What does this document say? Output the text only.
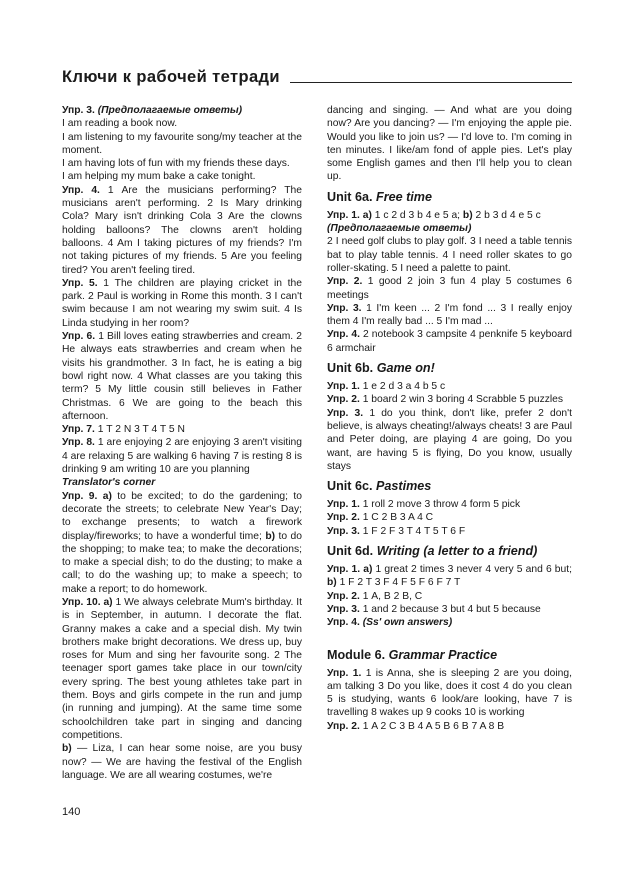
Ключи к рабочей тетради

Упр. 3. (Предполагаемые ответы)

I am reading a book now.

I am listening to my favourite song/my teacher at the moment.

I am having lots of fun with my friends these days.

I am helping my mum bake a cake tonight.

Упр. 4. 1 Are the musicians performing? The musicians aren't performing. 2 Is Mary drinking Cola? Mary isn't drinking Cola 3 Are the clowns holding balloons? The clowns aren't holding balloons. 4 Am I taking pictures of my friends? I'm not taking pictures of my friends. 5 Are you feeling tired? You aren't feeling tired.

Упр. 5. 1 The children are playing cricket in the park. 2 Paul is working in Rome this month. 3 I can't swim because I am not wearing my swim suit. 4 Is Linda studying in her room?

Упр. 6. 1 Bill loves eating strawberries and cream. 2 He always eats strawberries and cream when he visits his grandmother. 3 In fact, he is eating a big bowl right now. 4 What classes are you taking this term? 5 My little cousin still believes in Father Christmas. 6 We are going to the beach this afternoon.

Упр. 7. 1 T 2 N 3 T 4 T 5 N

Упр. 8. 1 are enjoying 2 are enjoying 3 aren't visiting 4 are relaxing 5 are walking 6 having 7 is resting 8 is drinking 9 am writing 10 are you planning

Translator's corner

Упр. 9. a) to be excited; to do the gardening; to decorate the streets; to celebrate New Year's Day; to exchange presents; to watch a firework display/fireworks; to have a wonderful time; b) to do the shopping; to make tea; to make the decorations; to make a special dish; to do the dusting; to make a call; to do the washing up; to make a speech; to make a report; to do homework.

Упр. 10. a) 1 We always celebrate Mum's birthday. It is in September, in autumn. I decorate the flat. Granny makes a cake and a special dish. My twin brothers make bright decorations. We dress up, buy roses for Mum and sing her favourite song. 2 The teenager sport games take place in our town/city every spring. The best young athletes take part in them. Boys and girls compete in the run and jump (in running and jumping). At the same time some schoolchildren take part in singing and dancing competitions.

b) — Liza, I can hear some noise, are you busy now? — We are having the festival of the English language. We are all wearing costumes, we're

dancing and singing. — And what are you doing now? Are you dancing? — I'm enjoying the apple pie. Would you like to join us? — I'd love to. I'm coming in ten minutes. I like/am fond of apple pies. Let's play some English games and then I'll help you to clean up.

Unit 6a. Free time

Упр. 1. a) 1 c 2 d 3 b 4 e 5 a; b) 2 b 3 d 4 e 5 c

(Предполагаемые ответы)

2 I need golf clubs to play golf. 3 I need a table tennis bat to play table tennis. 4 I need roller skates to go roller-skating. 5 I need a palette to paint.

Упр. 2. 1 good 2 join 3 fun 4 play 5 costumes 6 meetings

Упр. 3. 1 I'm keen ... 2 I'm fond ... 3 I really enjoy them 4 I'm really bad ... 5 I'm mad ...

Упр. 4. 2 notebook 3 campsite 4 penknife 5 keyboard 6 armchair

Unit 6b. Game on!

Упр. 1. 1 e 2 d 3 a 4 b 5 c

Упр. 2. 1 board 2 win 3 boring 4 Scrabble 5 puzzles

Упр. 3. 1 do you think, don't like, prefer 2 don't believe, is always cheating!/always cheats! 3 are Paul and Peter doing, are playing 4 are going, Do you want, are having 5 is flying, Do you know, usually stays

Unit 6c. Pastimes

Упр. 1. 1 roll 2 move 3 throw 4 form 5 pick

Упр. 2. 1 C 2 B 3 A 4 C

Упр. 3. 1 F 2 F 3 T 4 T 5 T 6 F

Unit 6d. Writing (a letter to a friend)

Упр. 1. a) 1 great 2 times 3 never 4 very 5 and 6 but; b) 1 F 2 T 3 F 4 F 5 F 6 F 7 T

Упр. 2. 1 A, B 2 B, C

Упр. 3. 1 and 2 because 3 but 4 but 5 because

Упр. 4. (Ss' own answers)

Module 6. Grammar Practice

Упр. 1. 1 is Anna, she is sleeping 2 are you doing, am talking 3 Do you like, does it cost 4 do you clean 5 is studying, wants 6 look/are looking, have 7 is travelling 8 wakes up 9 cooks 10 is working

Упр. 2. 1 A 2 C 3 B 4 A 5 B 6 B 7 A 8 B

140
